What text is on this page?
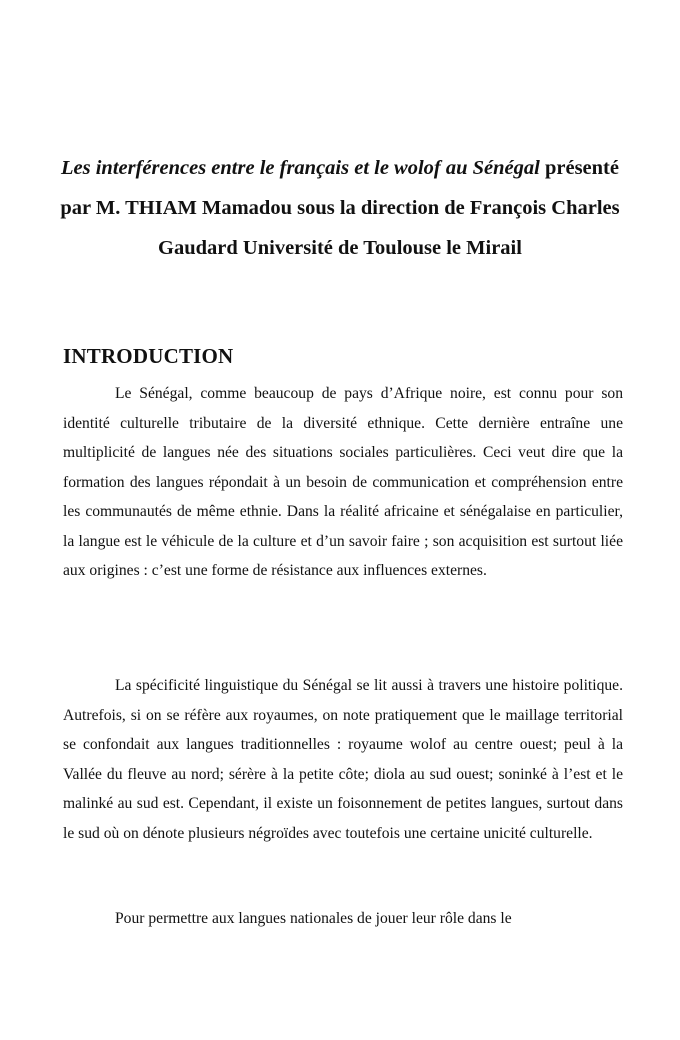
Les interférences entre le français et le wolof au Sénégal présenté par M. THIAM Mamadou sous la direction de François Charles Gaudard Université de Toulouse le Mirail
INTRODUCTION

Le Sénégal, comme beaucoup de pays d’Afrique noire, est connu pour son identité culturelle tributaire de la diversité ethnique. Cette dernière entraîne une multiplicité de langues née des situations sociales particulières. Ceci veut dire que la formation des langues répondait à un besoin de communication et compréhension entre les communautés de même ethnie. Dans la réalité africaine et sénégalaise en particulier, la langue est le véhicule de la culture et d’un savoir faire ; son acquisition est surtout liée aux origines : c’est une forme de résistance aux influences externes.

La spécificité linguistique du Sénégal se lit aussi à travers une histoire politique. Autrefois, si on se réfère aux royaumes, on note pratiquement que le maillage territorial se confondait aux langues traditionnelles : royaume wolof au centre ouest; peul à la Vallée du fleuve au nord; sérère à la petite côte; diola au sud ouest; soninké à l’est et le malinké au sud est. Cependant, il existe un foisonnement de petites langues, surtout dans le sud où on dénote plusieurs négroïdes avec toutefois une certaine unicité culturelle.

Pour permettre aux langues nationales de jouer leur rôle dans le
